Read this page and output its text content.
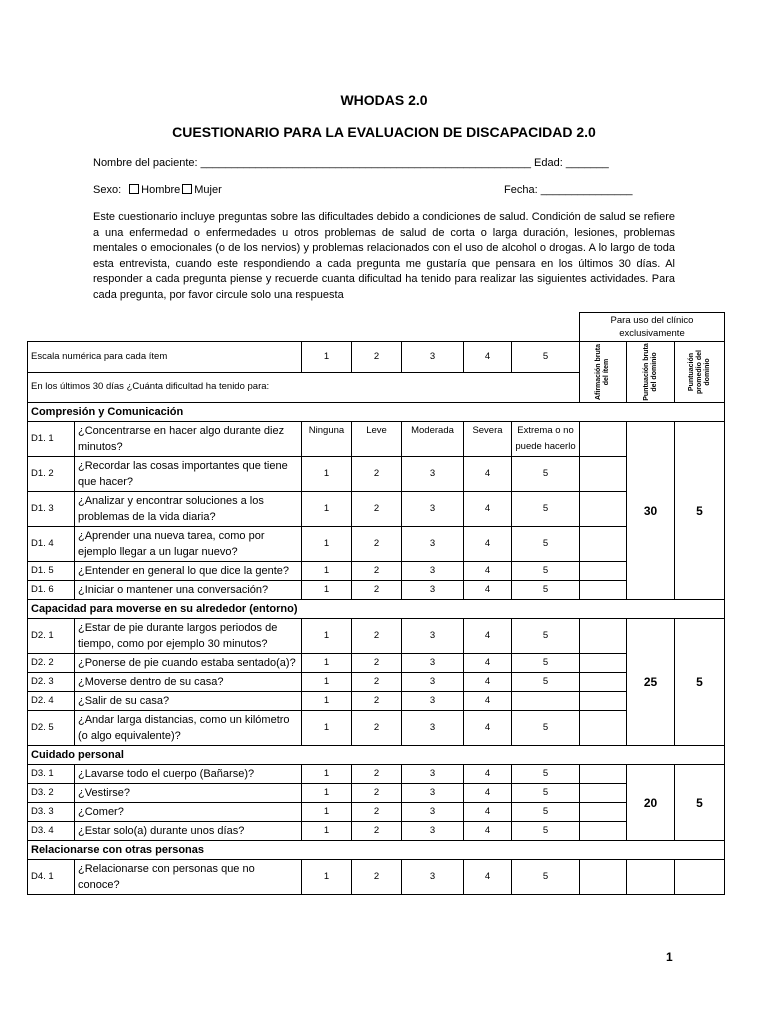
WHODAS 2.0
CUESTIONARIO PARA LA EVALUACION DE DISCAPACIDAD 2.0
Nombre del paciente: ______________________________________________________ Edad: _______
Sexo: Hombre Mujer	Fecha: _______________
Este cuestionario incluye preguntas sobre las dificultades debido a condiciones de salud. Condición de salud se refiere a una enfermedad o enfermedades u otros problemas de salud de corta o larga duración, lesiones, problemas mentales o emocionales (o de los nervios) y problemas relacionados con el uso de alcohol o drogas. A lo largo de toda esta entrevista, cuando este respondiendo a cada pregunta me gustaría que pensara en los últimos 30 días. Al responder a cada pregunta piense y recuerde cuanta dificultad ha tenido para realizar las siguientes actividades. Para cada pregunta, por favor circule solo una respuesta
							Para uso del clínico exclusivamente		
Escala numérica para cada ítem		1	2	3	4	5	Afirmación bruta del ítem	Puntuación bruta del dominio	Puntuación promedio del dominio

En los últimos 30 días ¿Cuánta dificultad ha tenido para:									
Compresión y Comunicación									
D1. 1	¿Concentrarse en hacer algo durante diez minutos?	Ninguna	Leve	Moderada	Severa	Extrema o no puede hacerlo		30	5
D1. 2	¿Recordar las cosas importantes que tiene que hacer?	1	2	3	4	5			
D1. 3	¿Analizar y encontrar soluciones a los problemas de la vida diaria?	1	2	3	4	5			
D1. 4	¿Aprender una nueva tarea, como por ejemplo llegar a un lugar nuevo?	1	2	3	4	5			
D1. 5	¿Entender en general lo que dice la gente?	1	2	3	4	5			
D1. 6	¿Iniciar o mantener una conversación?	1	2	3	4	5			
Capacidad para moverse en su alrededor (entorno)									
D2. 1	¿Estar de pie durante largos periodos de tiempo, como por ejemplo 30 minutos?	1	2	3	4	5		25	5
D2. 2	¿Ponerse de pie cuando estaba sentado(a)?	1	2	3	4	5			
D2. 3	¿Moverse dentro de su casa?	1	2	3	4	5			
D2. 4	¿Salir de su casa?	1	2	3	4				
D2. 5	¿Andar larga distancias, como un kilómetro (o algo equivalente)?	1	2	3	4	5			
Cuidado personal									
D3. 1	¿Lavarse todo el cuerpo (Bañarse)?	1	2	3	4	5		20	5
D3. 2	¿Vestirse?	1	2	3	4	5			
D3. 3	¿Comer?	1	2	3	4	5			
D3. 4	¿Estar solo(a) durante unos días?	1	2	3	4	5			
Relacionarse con otras personas									
D4. 1	¿Relacionarse con personas que no conoce?	1	2	3	4	5			
1
